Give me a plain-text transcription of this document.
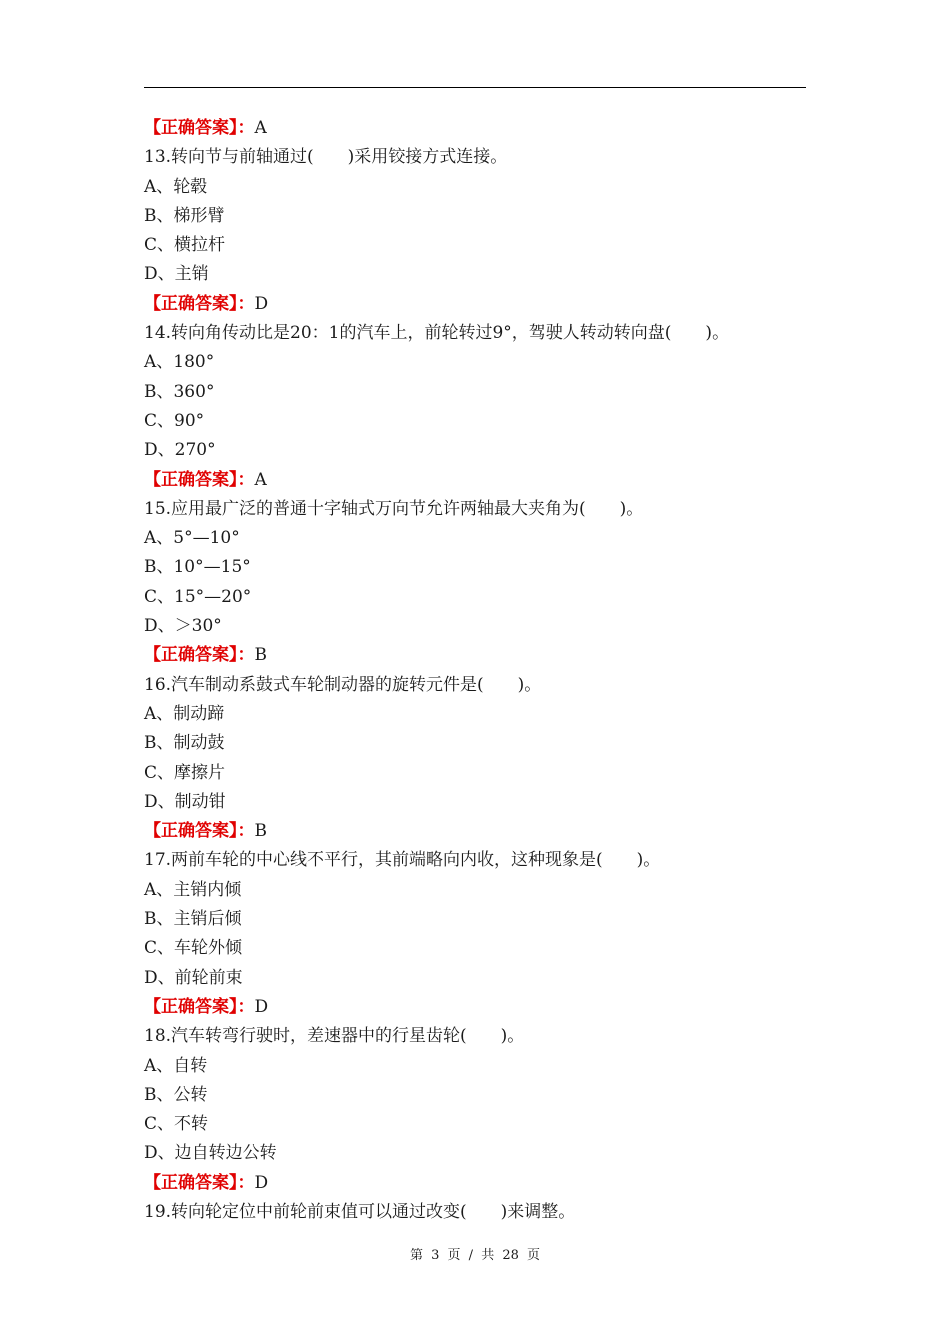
【正确答案】：A
13.转向节与前轴通过(　　)采用铰接方式连接。
A、轮毂
B、梯形臂
C、横拉杆
D、主销
【正确答案】：D
14.转向角传动比是20：1的汽车上，前轮转过9°，驾驶人转动转向盘(　　)。
A、180°
B、360°
C、90°
D、270°
【正确答案】：A
15.应用最广泛的普通十字轴式万向节允许两轴最大夹角为(　　)。
A、5°—10°
B、10°—15°
C、15°—20°
D、＞30°
【正确答案】：B
16.汽车制动系鼓式车轮制动器的旋转元件是(　　)。
A、制动蹄
B、制动鼓
C、摩擦片
D、制动钳
【正确答案】：B
17.两前车轮的中心线不平行，其前端略向内收，这种现象是(　　)。
A、主销内倾
B、主销后倾
C、车轮外倾
D、前轮前束
【正确答案】：D
18.汽车转弯行驶时，差速器中的行星齿轮(　　)。
A、自转
B、公转
C、不转
D、边自转边公转
【正确答案】：D
19.转向轮定位中前轮前束值可以通过改变(　　)来调整。
第 3 页 / 共 28 页
